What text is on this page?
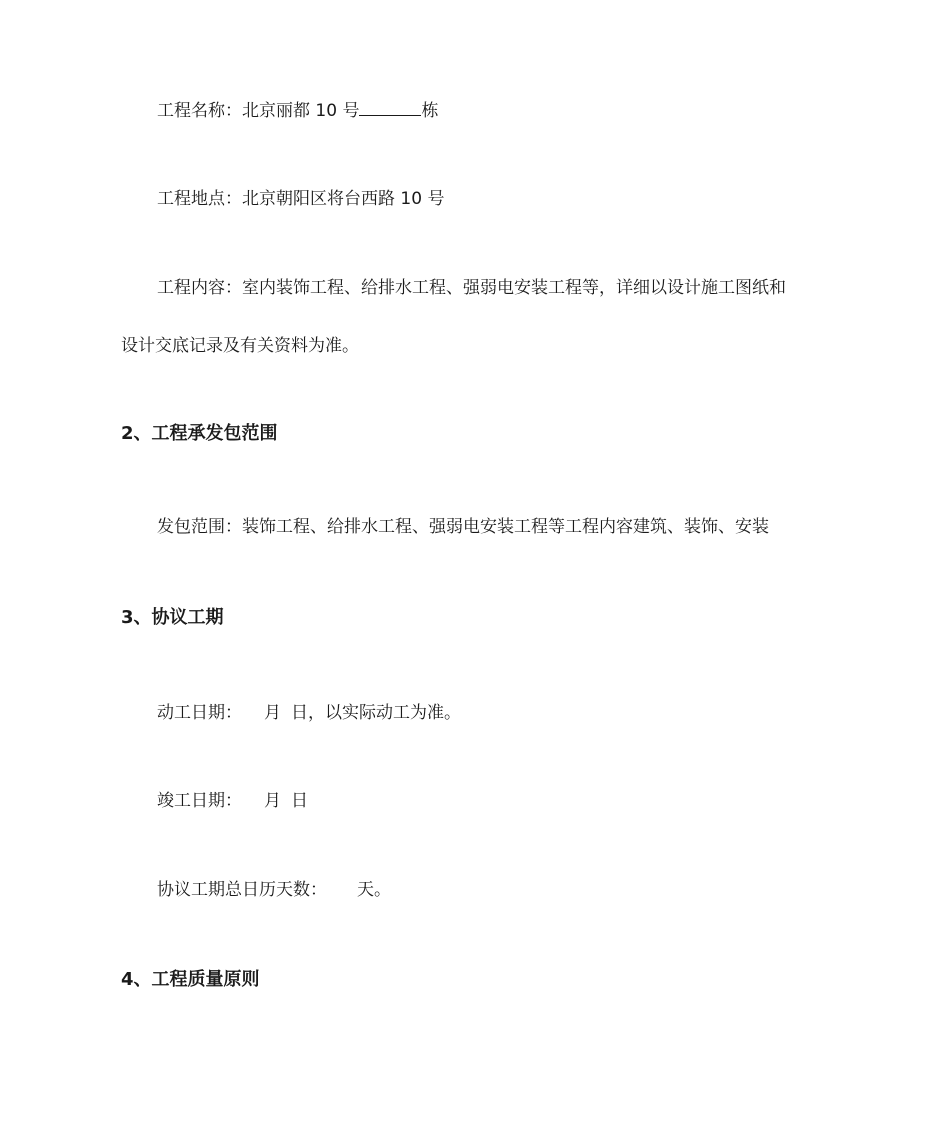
工程名称：北京丽都 10 号	栋
工程地点：北京朝阳区将台西路 10 号
工程内容：室内装饰工程、给排水工程、强弱电安装工程等，详细以设计施工图纸和
设计交底记录及有关资料为准。
2、工程承发包范围
发包范围：装饰工程、给排水工程、强弱电安装工程等工程内容建筑、装饰、安装
3、协议工期
动工日期： 月 日，以实际动工为准。
竣工日期： 月 日
协议工期总日历天数： 天。
4、工程质量原则
